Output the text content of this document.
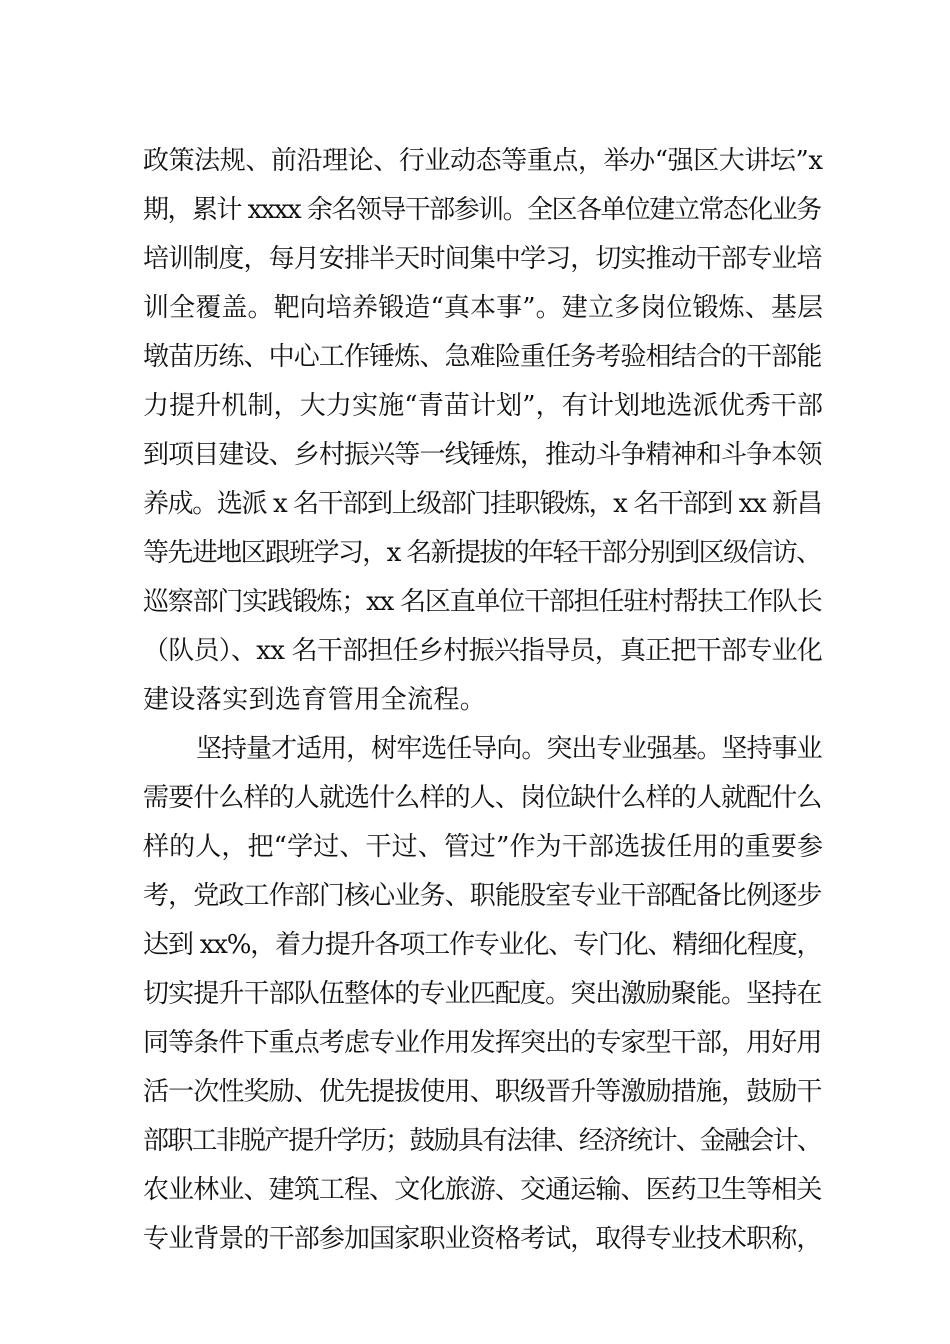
政策法规、前沿理论、行业动态等重点，举办“强区大讲坛”x
期，累计 xxxx 余名领导干部参训。全区各单位建立常态化业务
培训制度，每月安排半天时间集中学习，切实推动干部专业培
训全覆盖。靶向培养锻造“真本事”。建立多岗位锻炼、基层
墩苗历练、中心工作锤炼、急难险重任务考验相结合的干部能
力提升机制，大力实施“青苗计划”，有计划地选派优秀干部
到项目建设、乡村振兴等一线锤炼，推动斗争精神和斗争本领
养成。选派 x 名干部到上级部门挂职锻炼，x 名干部到 xx 新昌
等先进地区跟班学习，x 名新提拔的年轻干部分别到区级信访、
巡察部门实践锻炼；xx 名区直单位干部担任驻村帮扶工作队长
（队员）、xx 名干部担任乡村振兴指导员，真正把干部专业化
建设落实到选育管用全流程。
坚持量才适用，树牢选任导向。突出专业强基。坚持事业
需要什么样的人就选什么样的人、岗位缺什么样的人就配什么
样的人，把“学过、干过、管过”作为干部选拔任用的重要参
考，党政工作部门核心业务、职能股室专业干部配备比例逐步
达到 xx%，着力提升各项工作专业化、专门化、精细化程度，
切实提升干部队伍整体的专业匹配度。突出激励聚能。坚持在
同等条件下重点考虑专业作用发挥突出的专家型干部，用好用
活一次性奖励、优先提拔使用、职级晋升等激励措施，鼓励干
部职工非脱产提升学历；鼓励具有法律、经济统计、金融会计、
农业林业、建筑工程、文化旅游、交通运输、医药卫生等相关
专业背景的干部参加国家职业资格考试，取得专业技术职称，
